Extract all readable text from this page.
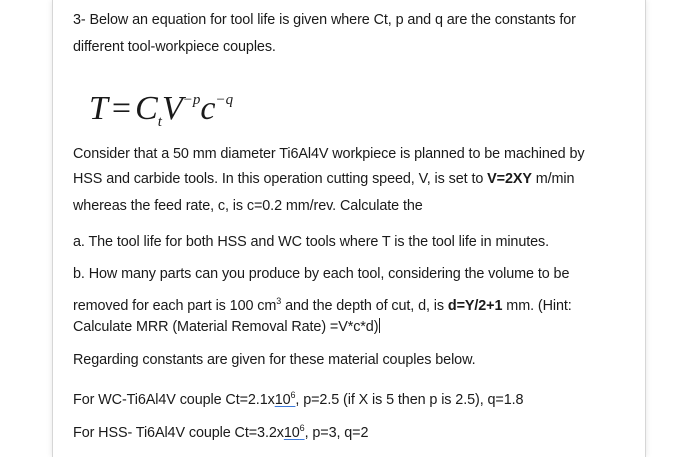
3- Below an equation for tool life is given where Ct, p and q are the constants for
different tool-workpiece couples.
$T = C_tV^{-p}c^{-q}$
Consider that a 50 mm diameter Ti6Al4V workpiece is planned to be machined by
HSS and carbide tools. In this operation cutting speed, V, is set to V=2XY m/min
whereas the feed rate, c, is c=0.2 mm/rev. Calculate the
a. The tool life for both HSS and WC tools where T is the tool life in minutes.
b. How many parts can you produce by each tool, considering the volume to be
removed for each part is 100 $cm^3$ and the depth of cut, d, is d=Y/2+1 mm. (Hint:
Calculate MRR (Material Removal Rate) =V*c*d)
Regarding constants are given for these material couples below.
For WC-Ti6Al4V couple $Ct=2.1x10^6$, p=2.5 (if X is 5 then p is 2.5), q=1.8
For HSS- Ti6Al4V couple $Ct=3.2x10^6$, p=3, q=2
